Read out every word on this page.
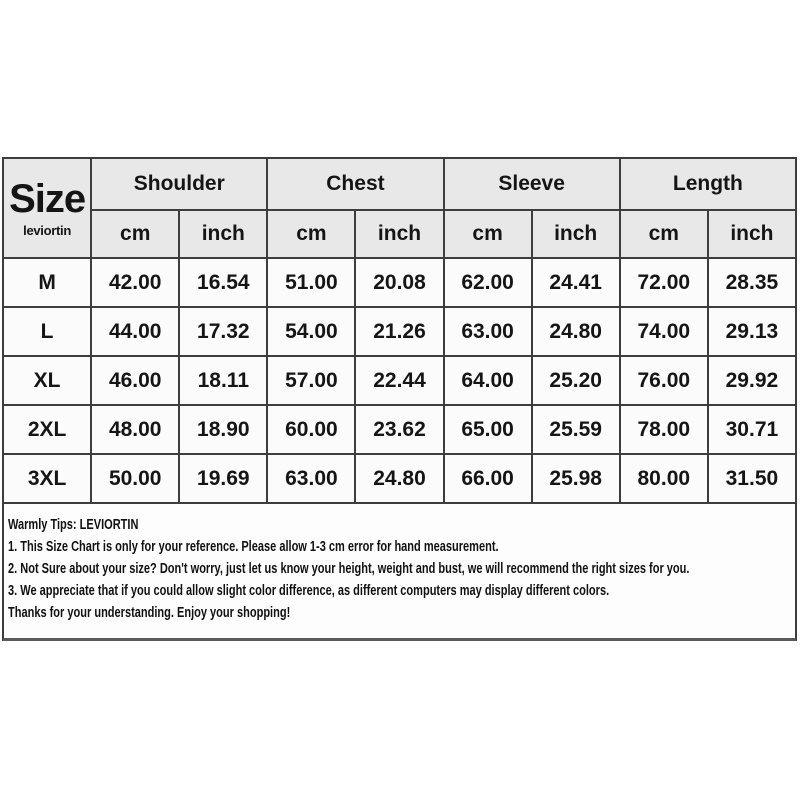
Size
leviortin	Shoulder		Chest		Sleeve		Length	
	cm	inch	cm	inch	cm	inch	cm	inch
M	42.00	16.54	51.00	20.08	62.00	24.41	72.00	28.35
L	44.00	17.32	54.00	21.26	63.00	24.80	74.00	29.13
XL	46.00	18.11	57.00	22.44	64.00	25.20	76.00	29.92
2XL	48.00	18.90	60.00	23.62	65.00	25.59	78.00	30.71
3XL	50.00	19.69	63.00	24.80	66.00	25.98	80.00	31.50
Warmly Tips: LEVIORTIN
1. This Size Chart is only for your reference. Please allow 1-3 cm error for hand measurement.
2. Not Sure about your size? Don't worry, just let us know your height, weight and bust, we will recommend the right sizes for you.
3. We appreciate that if you could allow slight color difference, as different computers may display different colors.
Thanks for your understanding. Enjoy your shopping!
